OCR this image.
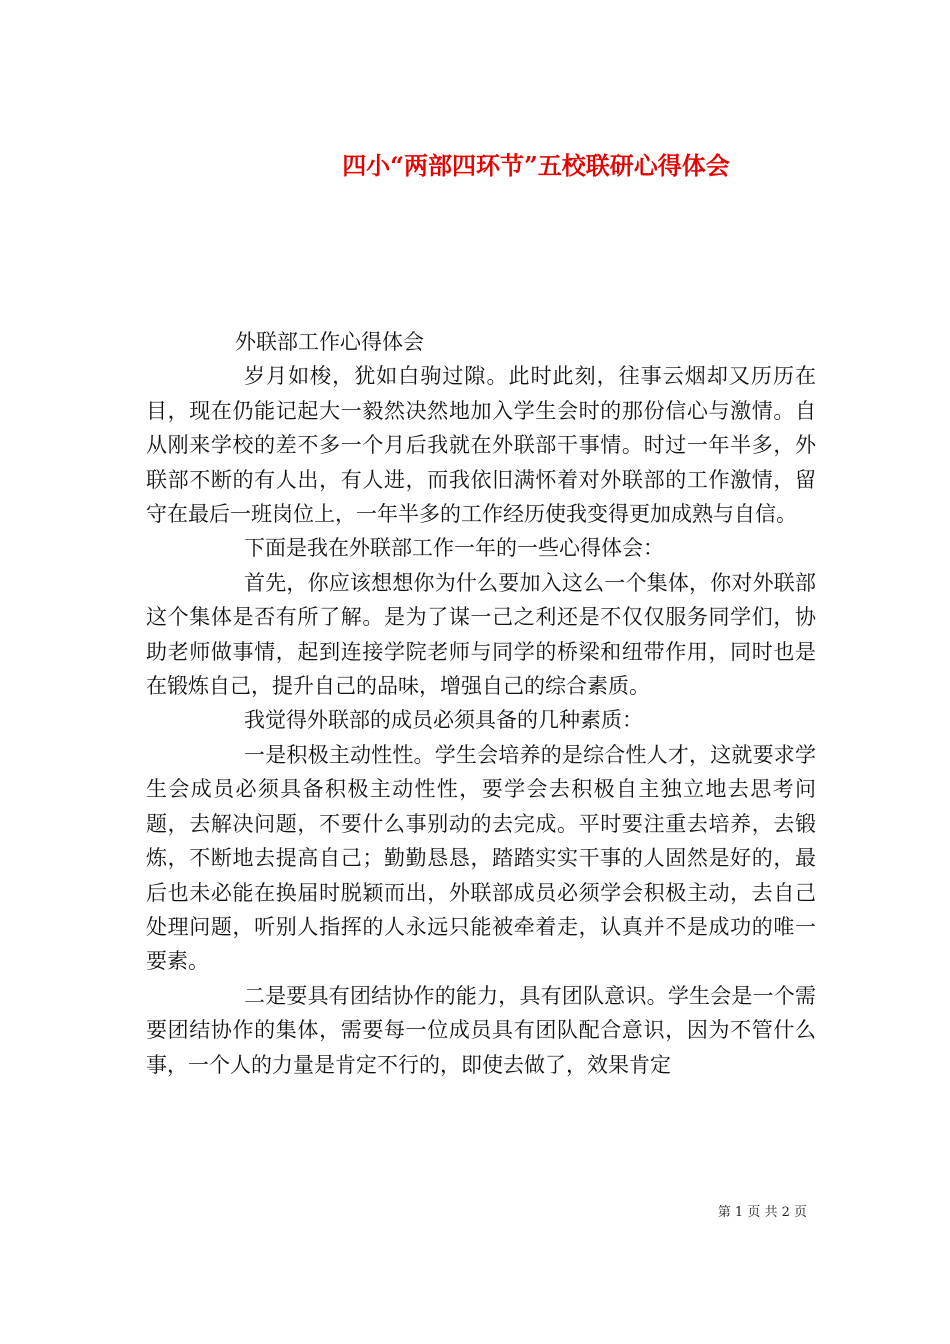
四小“两部四环节”五校联研心得体会

外联部工作心得体会

岁月如梭，犹如白驹过隙。此时此刻，往事云烟却又历历在目，现在仍能记起大一毅然决然地加入学生会时的那份信心与激情。自从刚来学校的差不多一个月后我就在外联部干事情。时过一年半多，外联部不断的有人出，有人进，而我依旧满怀着对外联部的工作激情，留守在最后一班岗位上，一年半多的工作经历使我变得更加成熟与自信。

下面是我在外联部工作一年的一些心得体会：

首先，你应该想想你为什么要加入这么一个集体，你对外联部这个集体是否有所了解。是为了谋一己之利还是不仅仅服务同学们，协助老师做事情，起到连接学院老师与同学的桥梁和纽带作用，同时也是在锻炼自己，提升自己的品味，增强自己的综合素质。

我觉得外联部的成员必须具备的几种素质：

一是积极主动性性。学生会培养的是综合性人才，这就要求学生会成员必须具备积极主动性性，要学会去积极自主独立地去思考问题，去解决问题，不要什么事别动的去完成。平时要注重去培养，去锻炼，不断地去提高自己；勤勤恳恳，踏踏实实干事的人固然是好的，最后也未必能在换届时脱颖而出，外联部成员必须学会积极主动，去自己处理问题，听别人指挥的人永远只能被牵着走，认真并不是成功的唯一要素。

二是要具有团结协作的能力，具有团队意识。学生会是一个需要团结协作的集体，需要每一位成员具有团队配合意识，因为不管什么事，一个人的力量是肯定不行的，即使去做了，效果肯定

第 1 页 共 2 页
